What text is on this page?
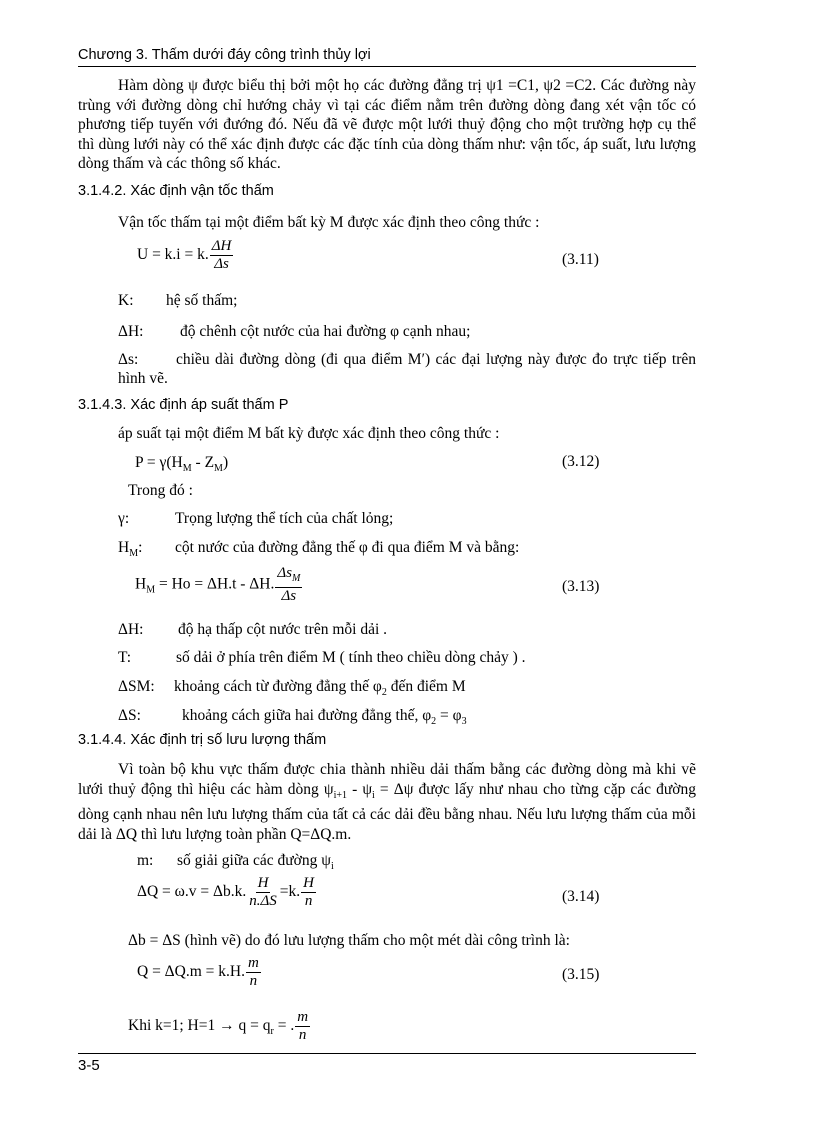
Chương 3. Thấm dưới đáy công trình thủy lợi

Hàm dòng ψ được biểu thị bởi một họ các đường đẳng trị ψ1 =C1, ψ2 =C2. Các đường này trùng với đường dòng chỉ hướng chảy vì tại các điểm nằm trên đường dòng đang xét vận tốc có phương tiếp tuyến với đướng đó. Nếu đã vẽ được một lưới thuỷ động cho một trường hợp cụ thể thì dùng lưới này có thể xác định được các đặc tính của dòng thấm như: vận tốc, áp suất, lưu lượng dòng thấm và các thông số khác.

3.1.4.2. Xác định vận tốc thấm
Vận tốc thấm tại một điểm bất kỳ M được xác định theo công thức :
U = k.i = k. $\frac{\Delta H}{\Delta s}$	(3.11)
K: hệ số thấm;
ΔH: độ chênh cột nước của hai đường φ cạnh nhau;
Δs: chiều dài đường dòng (đi qua điểm M′) các đại lượng này được đo trực tiếp trên hình vẽ.
3.1.4.3. Xác định áp suất thấm P
áp suất tại một điểm M bất kỳ được xác định theo công thức :
$P = \gamma(H_M - Z_M)$	(3.12)
Trong đó :
γ:	Trọng lượng thể tích của chất lỏng;
$H_M$: cột nước của đường đẳng thế φ đi qua điểm M và bằng:
$H_M = Ho = \Delta H.t - \Delta H$. $\frac{\Delta s_M}{\Delta s}$	(3.13)
ΔH: độ hạ thấp cột nước trên mỗi dải .
T:	số dải ở phía trên điểm M ( tính theo chiều dòng chảy ) .
ΔSM: khoảng cách từ đường đẳng thế $\varphi_2$ đến điểm M
ΔS:	khoảng cách giữa hai đường đẳng thế, $\varphi_2 = \varphi_3$
3.1.4.4. Xác định trị số lưu lượng thấm

Vì toàn bộ khu vực thấm được chia thành nhiều dải thấm bằng các đường dòng mà khi vẽ lưới thuỷ động thì hiệu các hàm dòng $\psi_{i+1} - \psi_i = \Delta\psi$ được lấy như nhau cho từng cặp các đường dòng cạnh nhau nên lưu lượng thấm của tất cả các dải đều bằng nhau. Nếu lưu lượng thấm của mỗi dải là ΔQ thì lưu lượng toàn phần Q=ΔQ.m.

m: số giải giữa các đường $\psi_i$
ΔQ = ω.v = Δb.k. $\frac{H}{n.\Delta S} =k$. $\frac{H}{n}$	(3.14)
Δb = ΔS (hình vẽ) do đó lưu lượng thấm cho một mét dài công trình là:
Q = ΔQ.m = k.H. $\frac{m}{n}$	(3.15)
Khi k=1; $H=1 \to q = q_r$ = . $\frac{m}{n}$
3-5
